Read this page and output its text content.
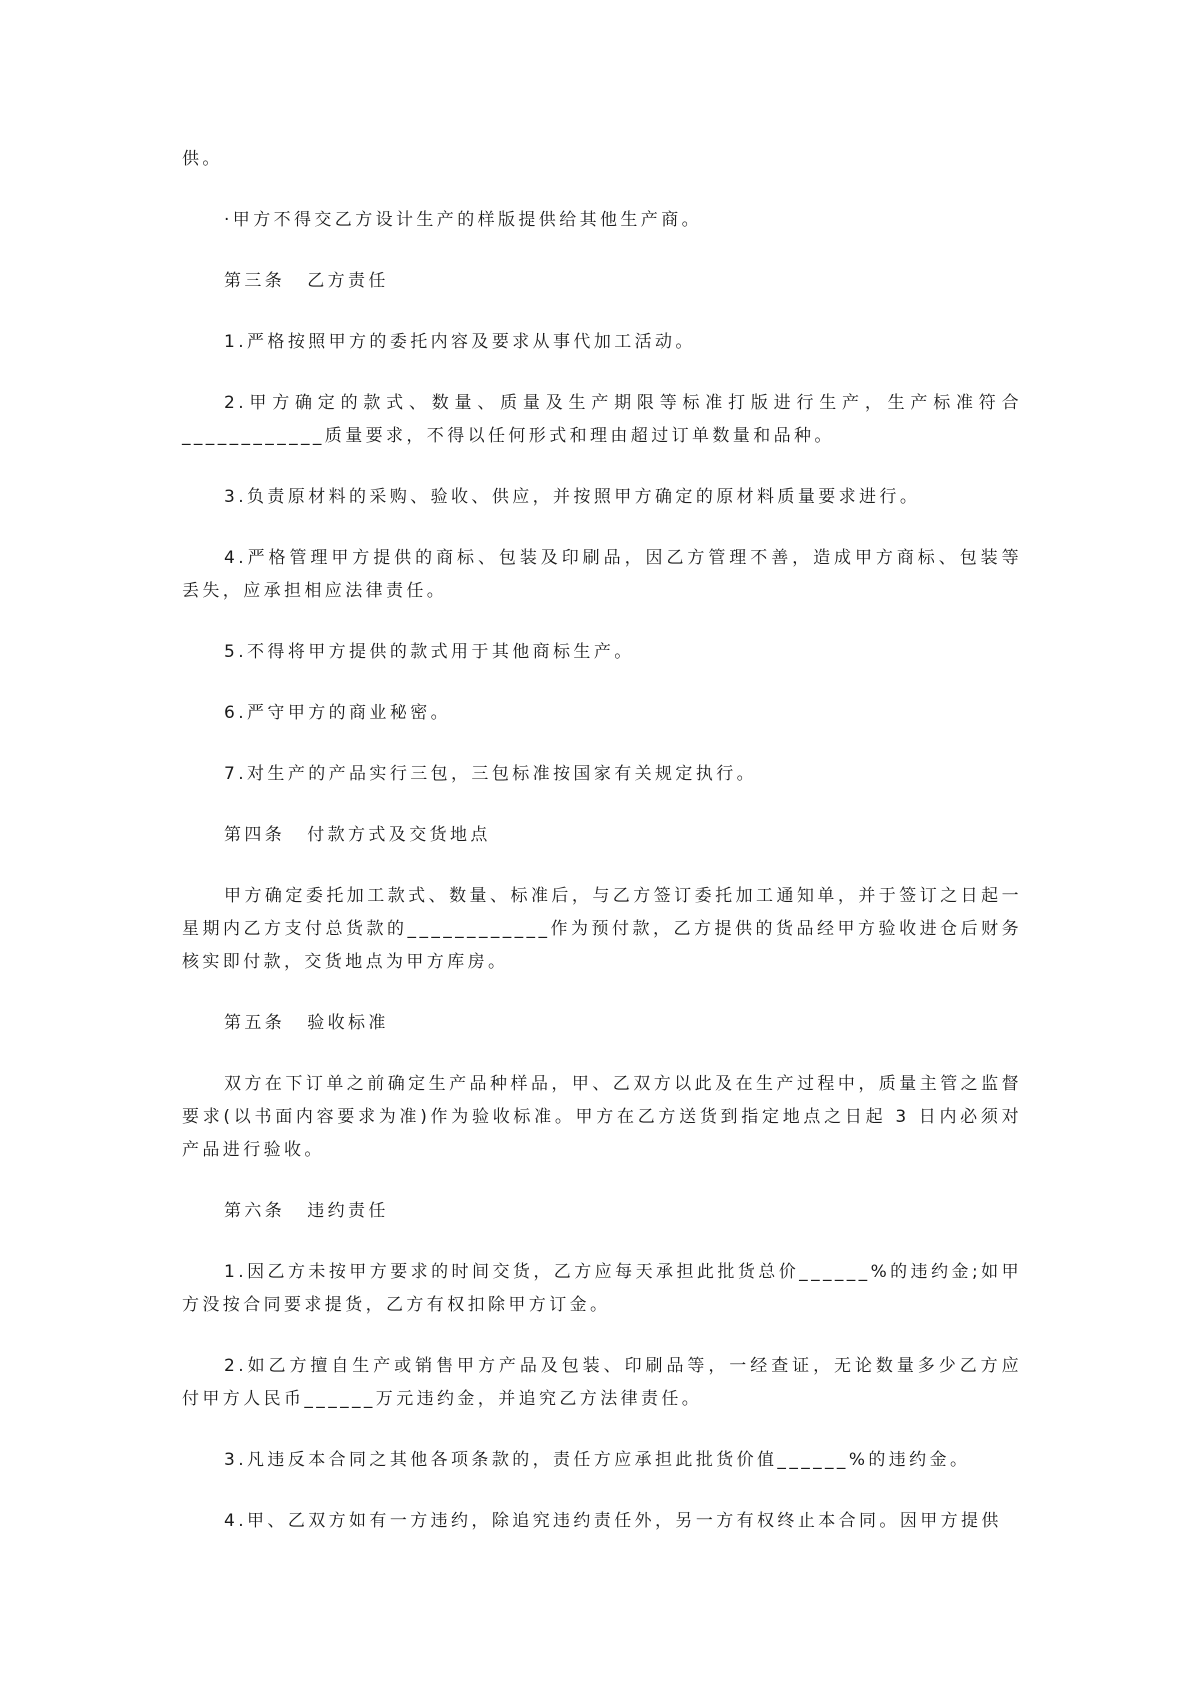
供。

·甲方不得交乙方设计生产的样版提供给其他生产商。

第三条 乙方责任

1.严格按照甲方的委托内容及要求从事代加工活动。

2.甲方确定的款式、数量、质量及生产期限等标准打版进行生产，生产标准符合____________质量要求，不得以任何形式和理由超过订单数量和品种。

3.负责原材料的采购、验收、供应，并按照甲方确定的原材料质量要求进行。

4.严格管理甲方提供的商标、包装及印刷品，因乙方管理不善，造成甲方商标、包装等丢失，应承担相应法律责任。

5.不得将甲方提供的款式用于其他商标生产。

6.严守甲方的商业秘密。

7.对生产的产品实行三包，三包标准按国家有关规定执行。

第四条 付款方式及交货地点

甲方确定委托加工款式、数量、标准后，与乙方签订委托加工通知单，并于签订之日起一星期内乙方支付总货款的____________作为预付款，乙方提供的货品经甲方验收进仓后财务核实即付款，交货地点为甲方库房。

第五条 验收标准

双方在下订单之前确定生产品种样品，甲、乙双方以此及在生产过程中，质量主管之监督要求(以书面内容要求为准)作为验收标准。甲方在乙方送货到指定地点之日起 3 日内必须对产品进行验收。

第六条 违约责任

1.因乙方未按甲方要求的时间交货，乙方应每天承担此批货总价______%的违约金;如甲方没按合同要求提货，乙方有权扣除甲方订金。

2.如乙方擅自生产或销售甲方产品及包装、印刷品等，一经查证，无论数量多少乙方应付甲方人民币______万元违约金，并追究乙方法律责任。

3.凡违反本合同之其他各项条款的，责任方应承担此批货价值______%的违约金。

4.甲、乙双方如有一方违约，除追究违约责任外，另一方有权终止本合同。因甲方提供
